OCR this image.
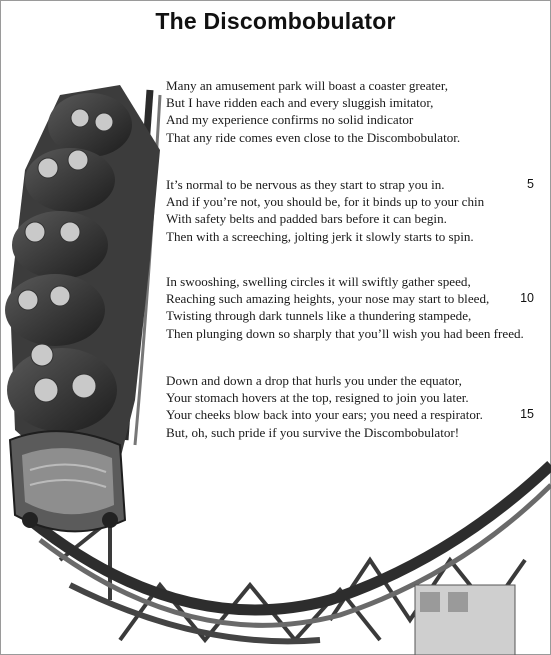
The Discombobulator
Many an amusement park will boast a coaster greater,
But I have ridden each and every sluggish imitator,
And my experience confirms no solid indicator
That any ride comes even close to the Discombobulator.
It’s normal to be nervous as they start to strap you in.	5
And if you’re not, you should be, for it binds up to your chin
With safety belts and padded bars before it can begin.
Then with a screeching, jolting jerk it slowly starts to spin.
In swooshing, swelling circles it will swiftly gather speed,
Reaching such amazing heights, your nose may start to bleed, 10
Twisting through dark tunnels like a thundering stampede,
Then plunging down so sharply that you’ll wish you had been freed.
Down and down a drop that hurls you under the equator,
Your stomach hovers at the top, resigned to join you later.
Your cheeks blow back into your ears; you need a respirator.	15
But, oh, such pride if you survive the Discombobulator!
